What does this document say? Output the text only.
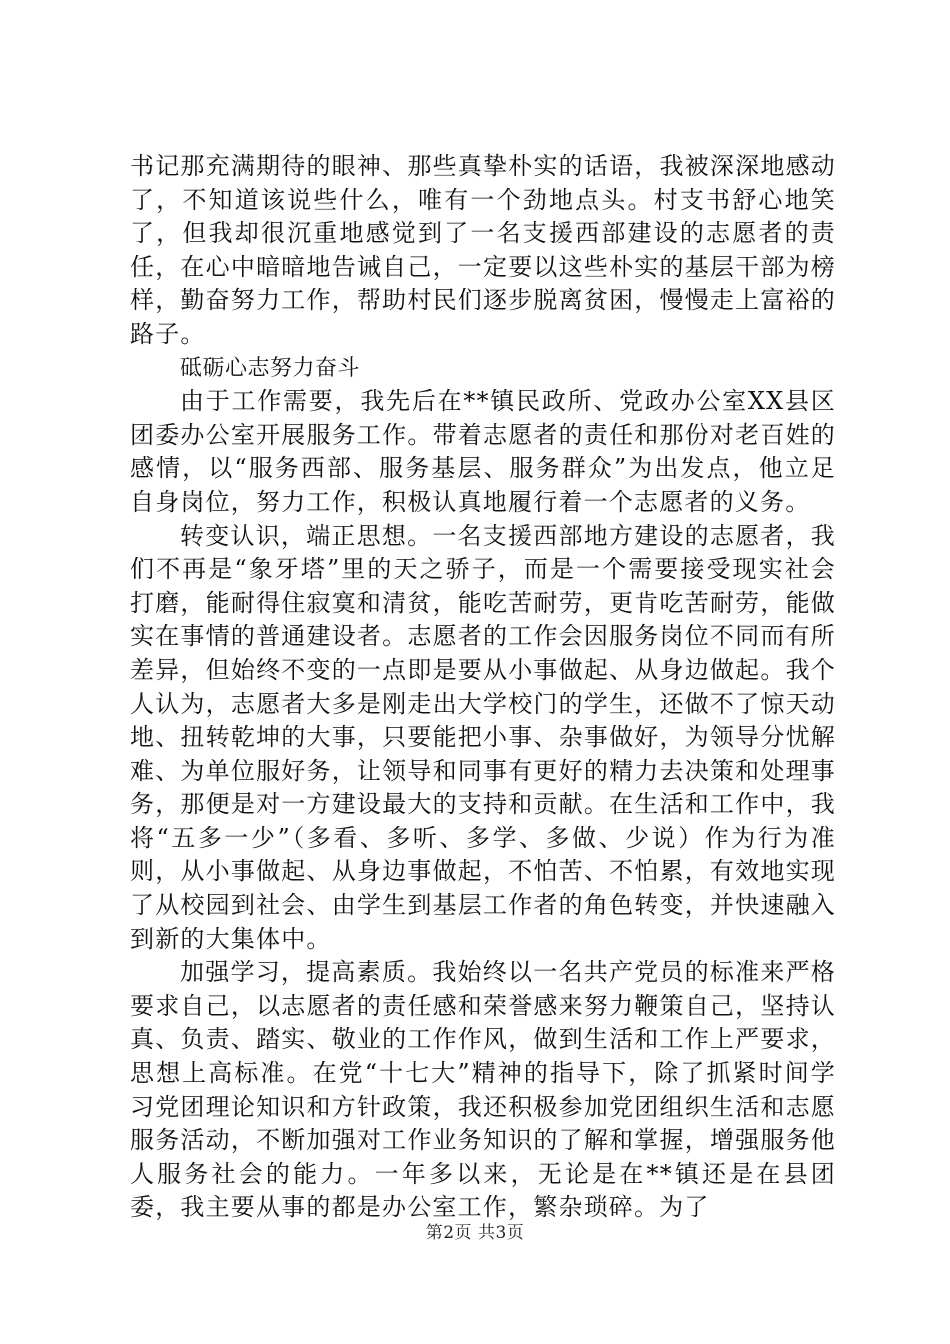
书记那充满期待的眼神、那些真挚朴实的话语，我被深深地感动了，不知道该说些什么，唯有一个劲地点头。村支书舒心地笑了，但我却很沉重地感觉到了一名支援西部建设的志愿者的责任，在心中暗暗地告诫自己，一定要以这些朴实的基层干部为榜样，勤奋努力工作，帮助村民们逐步脱离贫困，慢慢走上富裕的路子。

砥砺心志努力奋斗

由于工作需要，我先后在**镇民政所、党政办公室XX县区团委办公室开展服务工作。带着志愿者的责任和那份对老百姓的感情，以“服务西部、服务基层、服务群众”为出发点，他立足自身岗位，努力工作，积极认真地履行着一个志愿者的义务。

转变认识，端正思想。一名支援西部地方建设的志愿者，我们不再是“象牙塔”里的天之骄子，而是一个需要接受现实社会打磨，能耐得住寂寞和清贫，能吃苦耐劳，更肯吃苦耐劳，能做实在事情的普通建设者。志愿者的工作会因服务岗位不同而有所差异，但始终不变的一点即是要从小事做起、从身边做起。我个人认为，志愿者大多是刚走出大学校门的学生，还做不了惊天动地、扭转乾坤的大事，只要能把小事、杂事做好，为领导分忧解难、为单位服好务，让领导和同事有更好的精力去决策和处理事务，那便是对一方建设最大的支持和贡献。在生活和工作中，我将“五多一少”（多看、多听、多学、多做、少说）作为行为准则，从小事做起、从身边事做起，不怕苦、不怕累，有效地实现了从校园到社会、由学生到基层工作者的角色转变，并快速融入到新的大集体中。

加强学习，提高素质。我始终以一名共产党员的标准来严格要求自己，以志愿者的责任感和荣誉感来努力鞭策自己，坚持认真、负责、踏实、敬业的工作作风，做到生活和工作上严要求，思想上高标准。在党“十七大”精神的指导下，除了抓紧时间学习党团理论知识和方针政策，我还积极参加党团组织生活和志愿服务活动，不断加强对工作业务知识的了解和掌握，增强服务他人服务社会的能力。一年多以来，无论是在**镇还是在县团委，我主要从事的都是办公室工作，繁杂琐碎。为了

第2页 共3页
